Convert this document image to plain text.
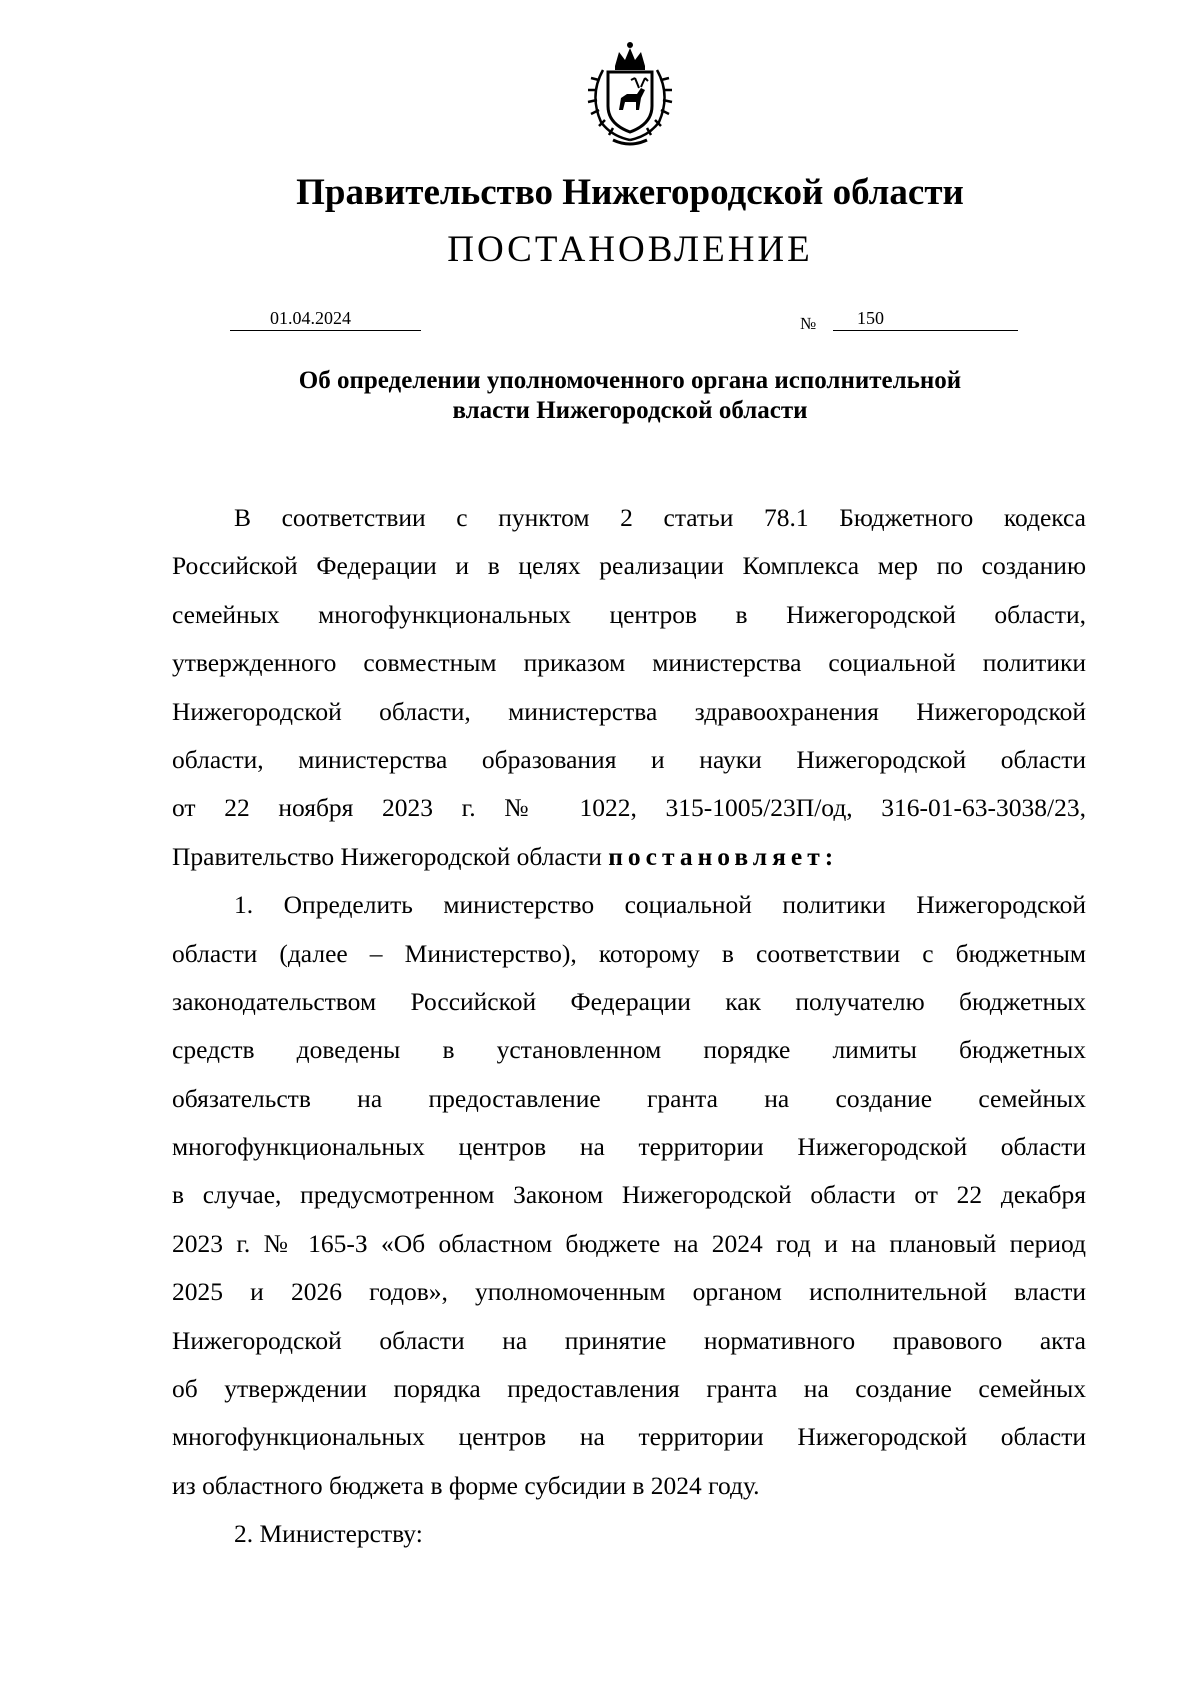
Правительство Нижегородской области
ПОСТАНОВЛЕНИЕ
01.04.2024	№ 150
Об определении уполномоченного органа исполнительной
власти Нижегородской области
В соответствии с пунктом 2 статьи 78.1 Бюджетного кодекса
Российской Федерации и в целях реализации Комплекса мер по созданию
семейных многофункциональных центров в Нижегородской области,
утвержденного совместным приказом министерства социальной политики
Нижегородской области, министерства здравоохранения Нижегородской
области, министерства образования и науки Нижегородской области
от 22 ноября 2023 г. № 1022, 315-1005/23П/од, 316-01-63-3038/23,
Правительство Нижегородской области постановляет:
1. Определить министерство социальной политики Нижегородской
области (далее – Министерство), которому в соответствии с бюджетным
законодательством Российской Федерации как получателю бюджетных
средств доведены в установленном порядке лимиты бюджетных
обязательств на предоставление гранта на создание семейных
многофункциональных центров на территории Нижегородской области
в случае, предусмотренном Законом Нижегородской области от 22 декабря
2023 г. № 165-З «Об областном бюджете на 2024 год и на плановый период
2025 и 2026 годов», уполномоченным органом исполнительной власти
Нижегородской области на принятие нормативного правового акта
об утверждении порядка предоставления гранта на создание семейных
многофункциональных центров на территории Нижегородской области
из областного бюджета в форме субсидии в 2024 году.
2. Министерству:
